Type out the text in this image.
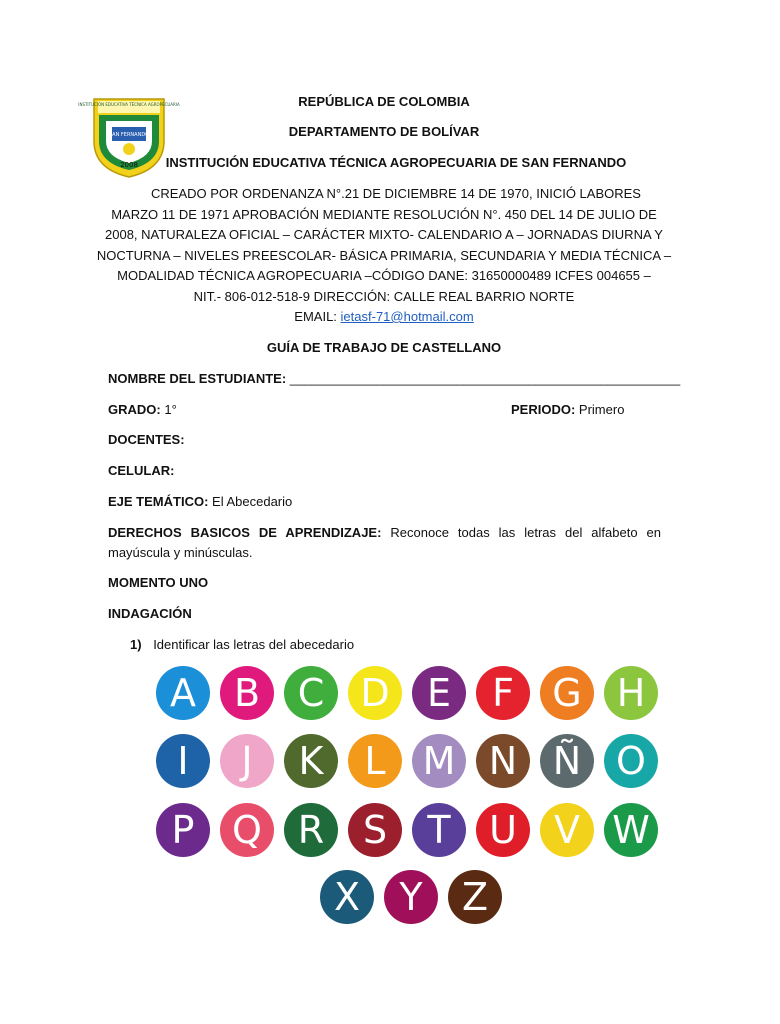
INSTITUCIÓN EDUCATIVA TÉCNICA AGROPECUARIA
SAN FERNANDO
2008
REPÚBLICA DE COLOMBIA
DEPARTAMENTO DE BOLÍVAR
INSTITUCIÓN EDUCATIVA TÉCNICA AGROPECUARIA DE SAN FERNANDO
CREADO POR ORDENANZA N°.21 DE DICIEMBRE 14 DE 1970, INICIÓ LABORES
MARZO 11 DE 1971 APROBACIÓN MEDIANTE RESOLUCIÓN N°. 450 DEL 14 DE JULIO DE
2008, NATURALEZA OFICIAL – CARÁCTER MIXTO- CALENDARIO A – JORNADAS DIURNA Y
NOCTURNA – NIVELES PREESCOLAR- BÁSICA PRIMARIA, SECUNDARIA Y MEDIA TÉCNICA –
MODALIDAD TÉCNICA AGROPECUARIA –CÓDIGO DANE: 31650000489 ICFES 004655 –
NIT.- 806-012-518-9 DIRECCIÓN: CALLE REAL BARRIO NORTE
EMAIL: ietasf-71@hotmail.com
GUÍA DE TRABAJO DE CASTELLANO
NOMBRE DEL ESTUDIANTE: ______________________________________________________
GRADO: 1°	PERIODO: Primero
DOCENTES:
CELULAR:
EJE TEMÁTICO: El Abecedario
DERECHOS BASICOS DE APRENDIZAJE: Reconoce todas las letras del alfabeto en mayúscula y minúsculas.
MOMENTO UNO
INDAGACIÓN
1) Identificar las letras del abecedario
A B C D E	F	G H
I	J	K	L M N Ñ O
P Q R	S	T	U V W
X	Y	Z
